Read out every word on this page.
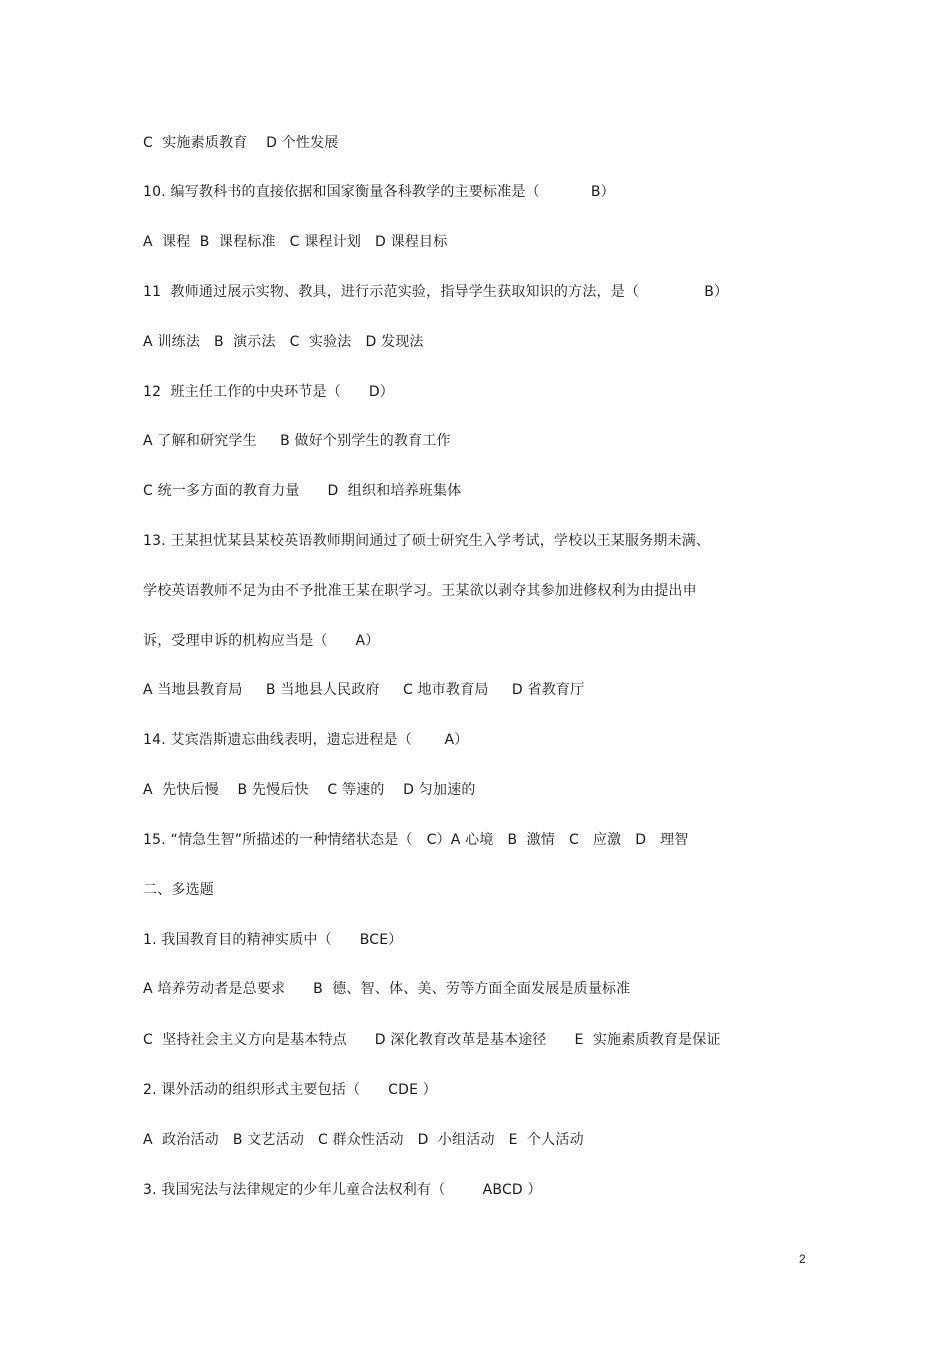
C  实施素质教育    D 个性发展
10. 编写教科书的直接依据和国家衡量各科教学的主要标准是（           B）
A  课程  B  课程标准   C 课程计划   D 课程目标
11  教师通过展示实物、教具，进行示范实验，指导学生获取知识的方法，是（              B）
A 训练法   B  演示法   C  实验法   D 发现法
12  班主任工作的中央环节是（      D）
A 了解和研究学生     B 做好个别学生的教育工作
C 统一多方面的教育力量      D  组织和培养班集体
13. 王某担忧某县某校英语教师期间通过了硕士研究生入学考试，学校以王某服务期未满、
学校英语教师不足为由不予批准王某在职学习。王某欲以剥夺其参加进修权利为由提出申
诉，受理申诉的机构应当是（      A）
A 当地县教育局     B 当地县人民政府     C 地市教育局     D 省教育厅
14. 艾宾浩斯遗忘曲线表明，遗忘进程是（       A）
A  先快后慢    B 先慢后快    C 等速的    D 匀加速的
15. “情急生智”所描述的一种情绪状态是（   C）A 心境   B  激情   C   应激   D   理智
二、多选题
1. 我国教育目的精神实质中（      BCE）
A 培养劳动者是总要求      B  德、智、体、美、劳等方面全面发展是质量标准
C  坚持社会主义方向是基本特点      D 深化教育改革是基本途径      E  实施素质教育是保证
2. 课外活动的组织形式主要包括（      CDE ）
A  政治活动   B 文艺活动   C 群众性活动   D  小组活动   E  个人活动
3. 我国宪法与法律规定的少年儿童合法权利有（        ABCD ）
2
